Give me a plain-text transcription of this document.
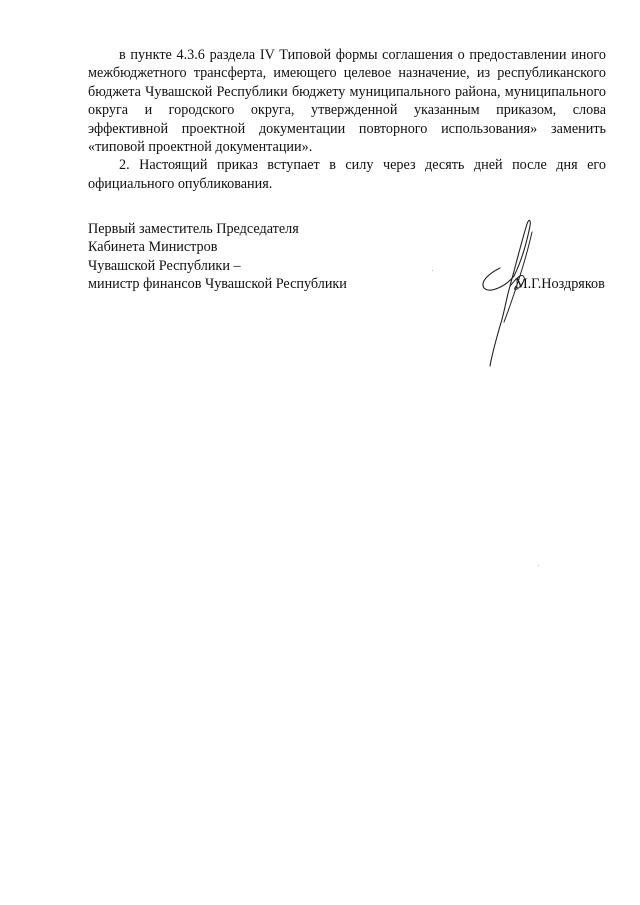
в пункте 4.3.6 раздела IV Типовой формы соглашения о предоставлении иного
межбюджетного трансферта, имеющего целевое назначение, из республиканского
бюджета Чувашской Республики бюджету муниципального района, муниципального
округа и городского округа, утвержденной указанным приказом, слова
эффективной проектной документации повторного использования» заменить
«типовой проектной документации».
2. Настоящий приказ вступает в силу через десять дней после дня его
официального опубликования.
Первый заместитель Председателя
Кабинета Министров
Чувашской Республики –
министр финансов Чувашской Республики	М.Г.Ноздряков
